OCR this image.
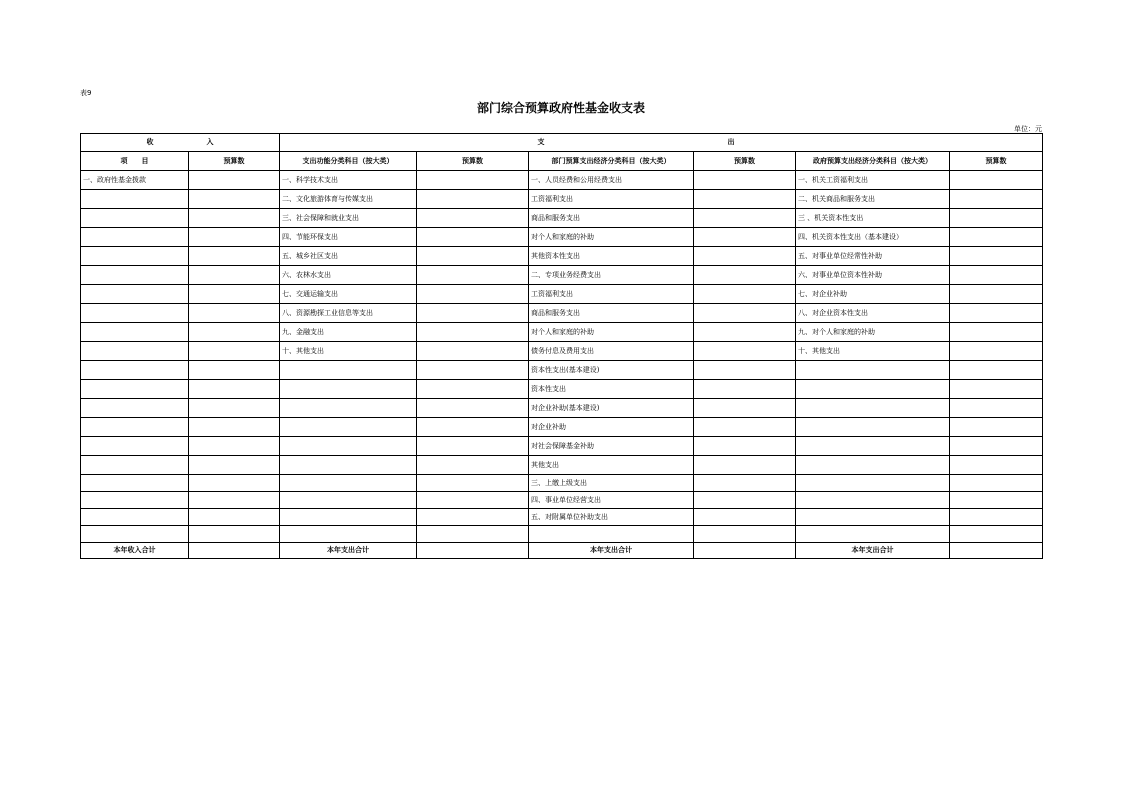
表9
部门综合预算政府性基金收支表
单位：元
收 入		支 出					
项　　目	预算数	支出功能分类科目（按大类）	预算数	部门预算支出经济分类科目（按大类）	预算数	政府预算支出经济分类科目（按大类）	预算数
一、政府性基金拨款		一、科学技术支出		一、人员经费和公用经费支出		一、机关工资福利支出	
		二、文化旅游体育与传媒支出		工资福利支出		二、机关商品和服务支出	
		三、社会保障和就业支出		商品和服务支出		三 、机关资本性支出	
		四、节能环保支出		对个人和家庭的补助		四、机关资本性支出（基本建设）	
		五、城乡社区支出		其他资本性支出		五、对事业单位经常性补助	
		六、农林水支出		二、专项业务经费支出		六、对事业单位资本性补助	
		七、交通运输支出		工资福利支出		七、对企业补助	
		八、资源勘探工业信息等支出		商品和服务支出		八、对企业资本性支出	
		九、金融支出		对个人和家庭的补助		九、对个人和家庭的补助	
		十、其他支出		债务付息及费用支出		十、其他支出	
				资本性支出(基本建设)			
				资本性支出			
				对企业补助(基本建设)			
				对企业补助			
				对社会保障基金补助			
				其他支出			
				三、上缴上级支出			
				四、事业单位经营支出			
				五、对附属单位补助支出			

本年收入合计		本年支出合计		本年支出合计		本年支出合计	
